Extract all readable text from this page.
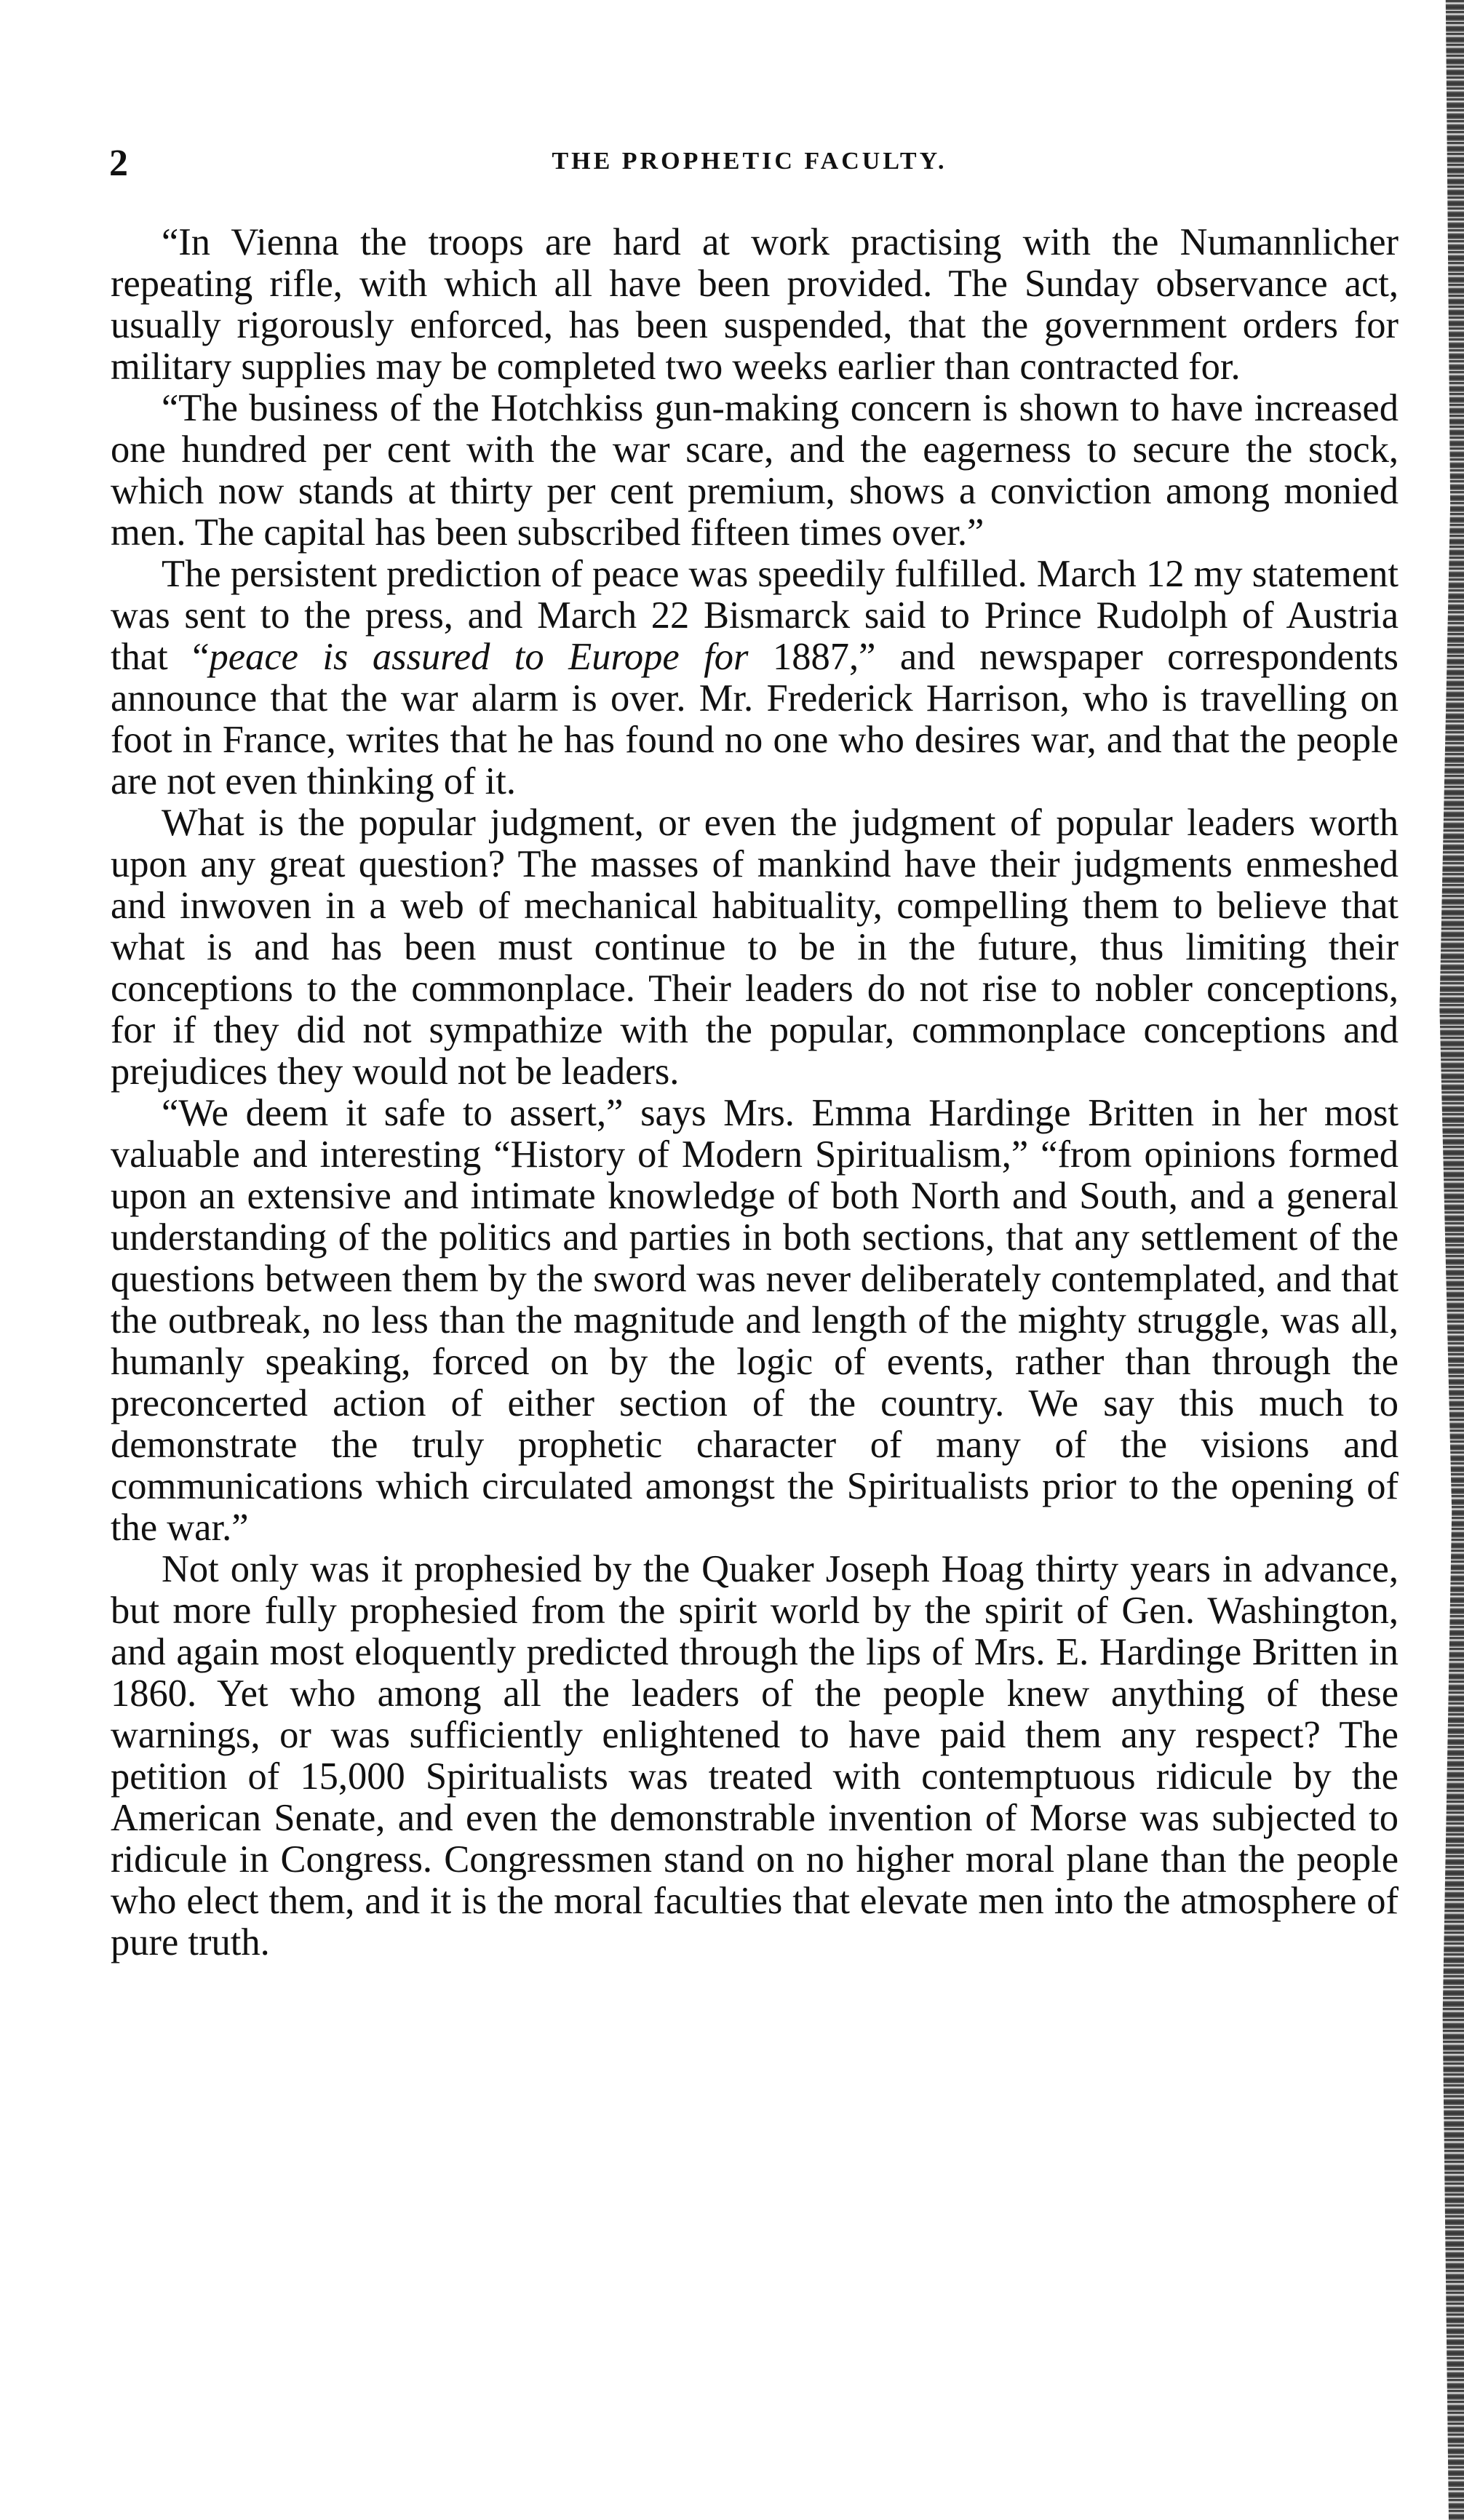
2	THE PROPHETIC FACULTY.

“In Vienna the troops are hard at work practising with the Numannlicher repeating rifle, with which all have been provided. The Sunday observance act, usually rigorously enforced, has been suspended, that the government orders for military supplies may be completed two weeks earlier than contracted for.

“The business of the Hotchkiss gun-making concern is shown to have increased one hundred per cent with the war scare, and the eagerness to secure the stock, which now stands at thirty per cent premium, shows a conviction among monied men. The capital has been subscribed fifteen times over.”

The persistent prediction of peace was speedily fulfilled. March 12 my statement was sent to the press, and March 22 Bismarck said to Prince Rudolph of Austria that “peace is assured to Europe for 1887,” and newspaper correspondents announce that the war alarm is over. Mr. Frederick Harrison, who is travelling on foot in France, writes that he has found no one who desires war, and that the people are not even thinking of it.

What is the popular judgment, or even the judgment of popular leaders worth upon any great question? The masses of mankind have their judgments enmeshed and inwoven in a web of mechanical habituality, compelling them to believe that what is and has been must continue to be in the future, thus limiting their conceptions to the commonplace. Their leaders do not rise to nobler conceptions, for if they did not sympathize with the popular, commonplace conceptions and prejudices they would not be leaders.

“We deem it safe to assert,” says Mrs. Emma Hardinge Britten in her most valuable and interesting “History of Modern Spiritualism,” “from opinions formed upon an extensive and intimate knowledge of both North and South, and a general understanding of the politics and parties in both sections, that any settlement of the questions between them by the sword was never deliberately contemplated, and that the outbreak, no less than the magnitude and length of the mighty struggle, was all, humanly speaking, forced on by the logic of events, rather than through the preconcerted action of either section of the country. We say this much to demonstrate the truly prophetic character of many of the visions and communications which circulated amongst the Spiritualists prior to the opening of the war.”

Not only was it prophesied by the Quaker Joseph Hoag thirty years in advance, but more fully prophesied from the spirit world by the spirit of Gen. Washington, and again most eloquently predicted through the lips of Mrs. E. Hardinge Britten in 1860. Yet who among all the leaders of the people knew anything of these warnings, or was sufficiently enlightened to have paid them any respect? The petition of 15,000 Spiritualists was treated with contemptuous ridicule by the American Senate, and even the demonstrable invention of Morse was subjected to ridicule in Congress. Congressmen stand on no higher moral plane than the people who elect them, and it is the moral faculties that elevate men into the atmosphere of pure truth.
